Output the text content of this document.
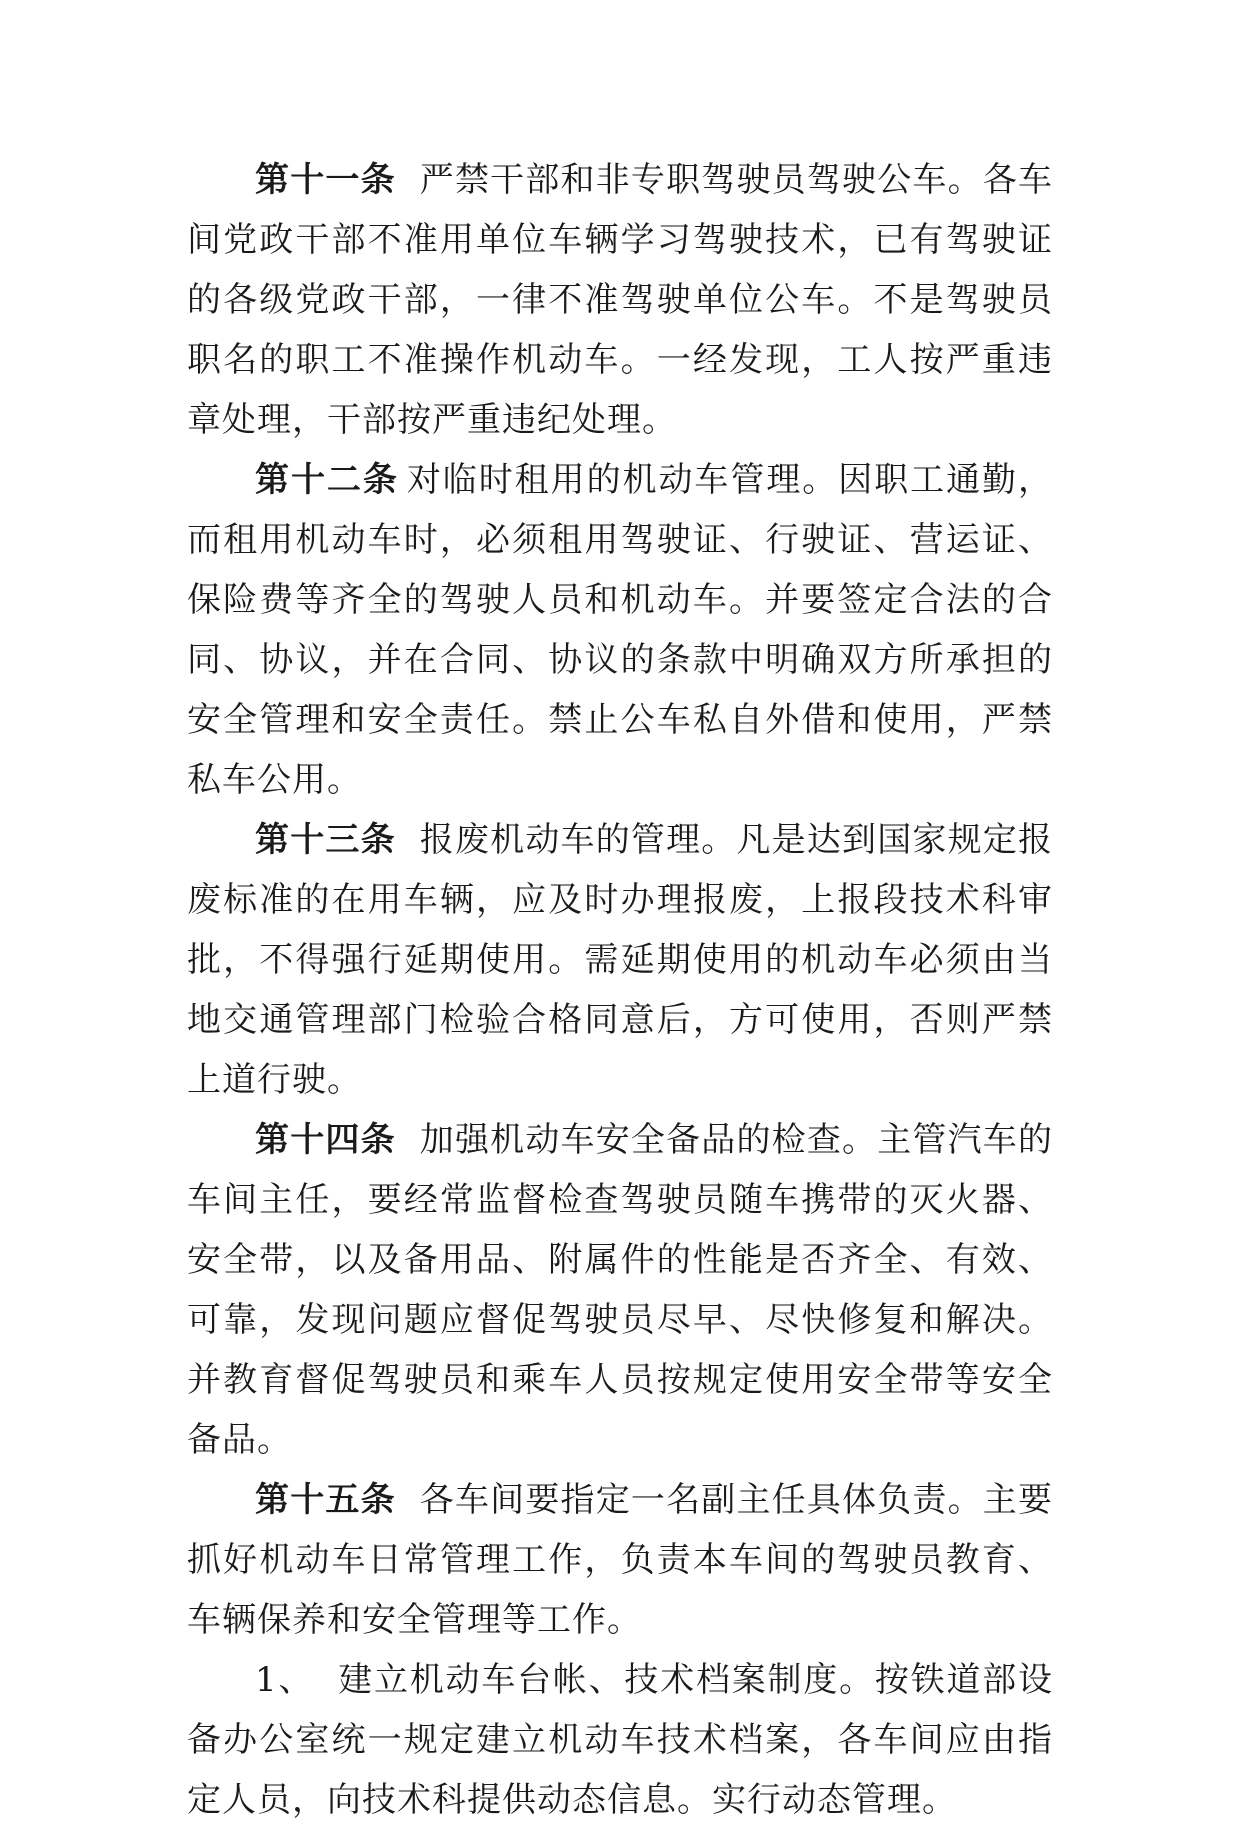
第十一条 严禁干部和非专职驾驶员驾驶公车。各车间党政干部不准用单位车辆学习驾驶技术，已有驾驶证的各级党政干部，一律不准驾驶单位公车。不是驾驶员职名的职工不准操作机动车。一经发现，工人按严重违章处理，干部按严重违纪处理。

第十二条 对临时租用的机动车管理。因职工通勤，而租用机动车时，必须租用驾驶证、行驶证、营运证、保险费等齐全的驾驶人员和机动车。并要签定合法的合同、协议，并在合同、协议的条款中明确双方所承担的安全管理和安全责任。禁止公车私自外借和使用，严禁私车公用。

第十三条 报废机动车的管理。凡是达到国家规定报废标准的在用车辆，应及时办理报废，上报段技术科审批，不得强行延期使用。需延期使用的机动车必须由当地交通管理部门检验合格同意后，方可使用，否则严禁上道行驶。

第十四条 加强机动车安全备品的检查。主管汽车的车间主任，要经常监督检查驾驶员随车携带的灭火器、安全带，以及备用品、附属件的性能是否齐全、有效、可靠，发现问题应督促驾驶员尽早、尽快修复和解决。并教育督促驾驶员和乘车人员按规定使用安全带等安全备品。

第十五条 各车间要指定一名副主任具体负责。主要抓好机动车日常管理工作，负责本车间的驾驶员教育、车辆保养和安全管理等工作。

1、 建立机动车台帐、技术档案制度。按铁道部设备办公室统一规定建立机动车技术档案，各车间应由指定人员，向技术科提供动态信息。实行动态管理。
